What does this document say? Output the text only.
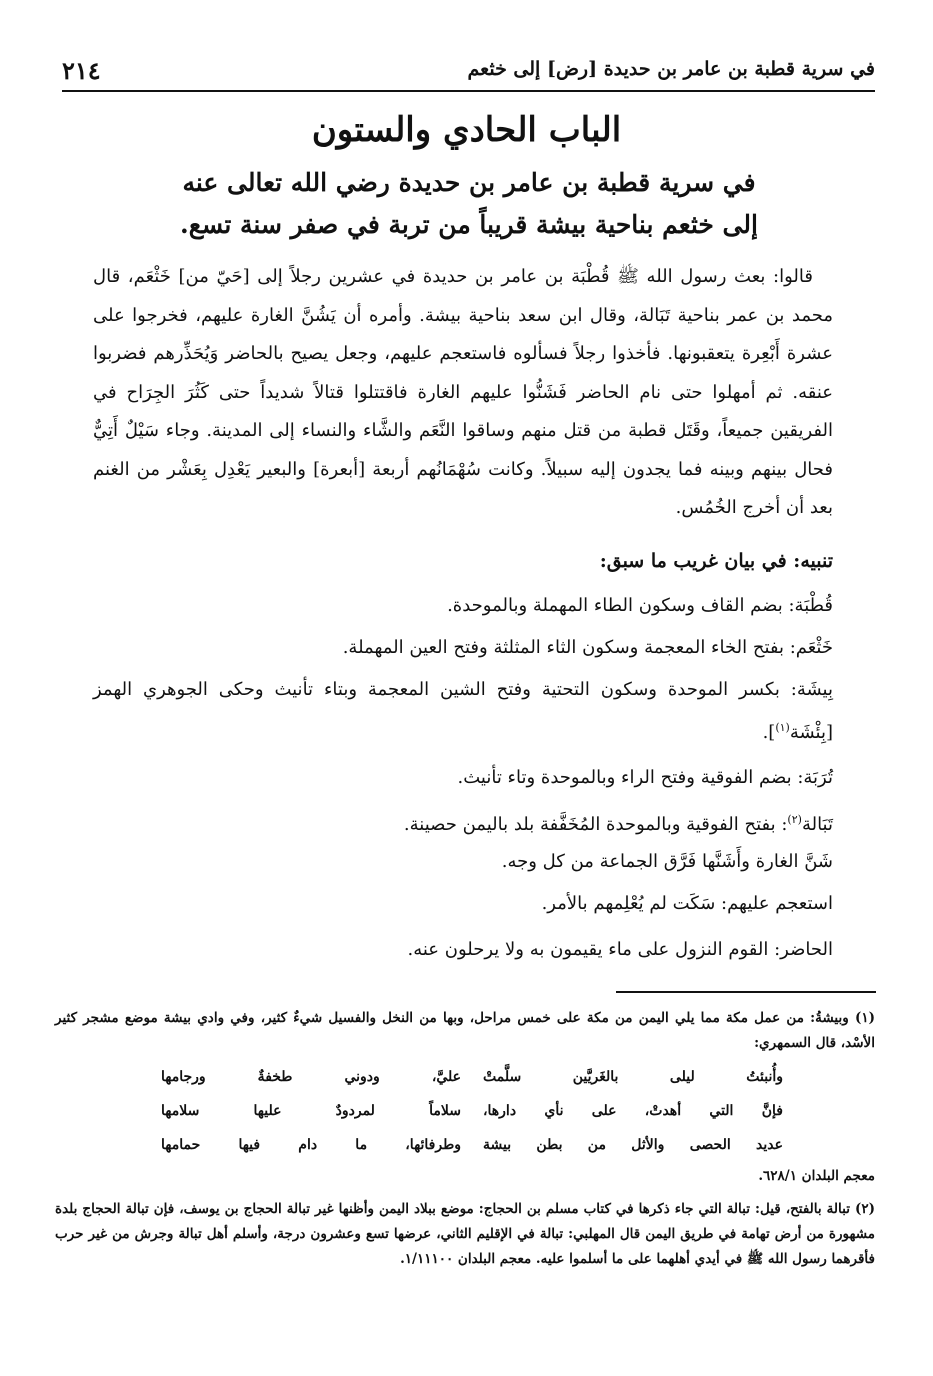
في سرية قطبة بن عامر بن حديدة [رض] إلى خثعم
٢١٤
الباب الحادي والستون
في سرية قطبة بن عامر بن حديدة رضي الله تعالى عنه
إلى خثعم بناحية بيشة قريباً من تربة في صفر سنة تسع.

قالوا: بعث رسول الله ﷺ قُطْبَة بن عامر بن حديدة في عشرين رجلاً إلى [حَيّ من] خَثْعَم، قال محمد بن عمر بناحية تَبَالة، وقال ابن سعد بناحية بيشة. وأمره أن يَشُنَّ الغارة عليهم، فخرجوا على عشرة أَبْعِرة يتعقبونها. فأخذوا رجلاً فسألوه فاستعجم عليهم، وجعل يصيح بالحاضر وَيُحَذِّرهم فضربوا عنقه. ثم أمهلوا حتى نام الحاضر فَشَنُّوا عليهم الغارة فاقتتلوا قتالاً شديداً حتى كَثُرَ الجِرَاح في الفريقين جميعاً، وقَتَل قطبة من قتل منهم وساقوا النَّعَم والشَّاء والنساء إلى المدينة. وجاء سَيْلٌ أَتِيٌّ فحال بينهم وبينه فما يجدون إليه سبيلاً. وكانت سُهْمَانُهم أربعة [أبعرة] والبعير يَعْدِل بِعَشْر من الغنم بعد أن أخرج الخُمُس.

تنبيه: في بيان غريب ما سبق:
قُطْبَة: بضم القاف وسكون الطاء المهملة وبالموحدة.
خَثْعَم: بفتح الخاء المعجمة وسكون الثاء المثلثة وفتح العين المهملة.
بِيشَة: بكسر الموحدة وسكون التحتية وفتح الشين المعجمة وبتاء تأنيث وحكى الجوهري الهمز [بِئْشَة$^{(١)}$].
تُرَبَة: بضم الفوقية وفتح الراء وبالموحدة وتاء تأنيث.
تَبَالة$^{(٢)}$: بفتح الفوقية وبالموحدة المُخَفَّفة بلد باليمن حصينة.
شَنَّ الغارة وأَشَنَّها فَرَّق الجماعة من كل وجه.
استعجم عليهم: سَكَت لم يُعْلِمهم بالأمر.
الحاضر: القوم النزول على ماء يقيمون به ولا يرحلون عنه.

(١) وبيشةُ: من عمل مكة مما يلي اليمن من مكة على خمس مراحل، وبها من النخل والفسيل شيءٌ كثير، وفي وادي بيشة موضع مشجر كثير الأسْد، قال السمهري:

وأُنبئتُ ليلى بالغَريَّين سلَّمتْ
عليَّ، ودوني طخفةٌ ورجامها
فإنَّ التي أهدتْ، على نأي دارها،
سلاماً لمردودٌ عليها سلامها
عديد الحصى والأثل من بطن بيشة
وطرفائها، ما دام فيها حمامها

معجم البلدان ٦٢٨/١.

(٢) تبالة بالفتح، قيل: تبالة التي جاء ذكرها في كتاب مسلم بن الحجاج: موضع ببلاد اليمن وأظنها غير تبالة الحجاج بن يوسف، فإن تبالة الحجاج بلدة مشهورة من أرض تهامة في طريق اليمن قال المهلبي: تبالة في الإقليم الثاني، عرضها تسع وعشرون درجة، وأسلم أهل تبالة وجرش من غير حرب فأقرهما رسول الله ﷺ في أيدي أهلهما على ما أسلموا عليه. معجم البلدان ١/١١١٠٠.
